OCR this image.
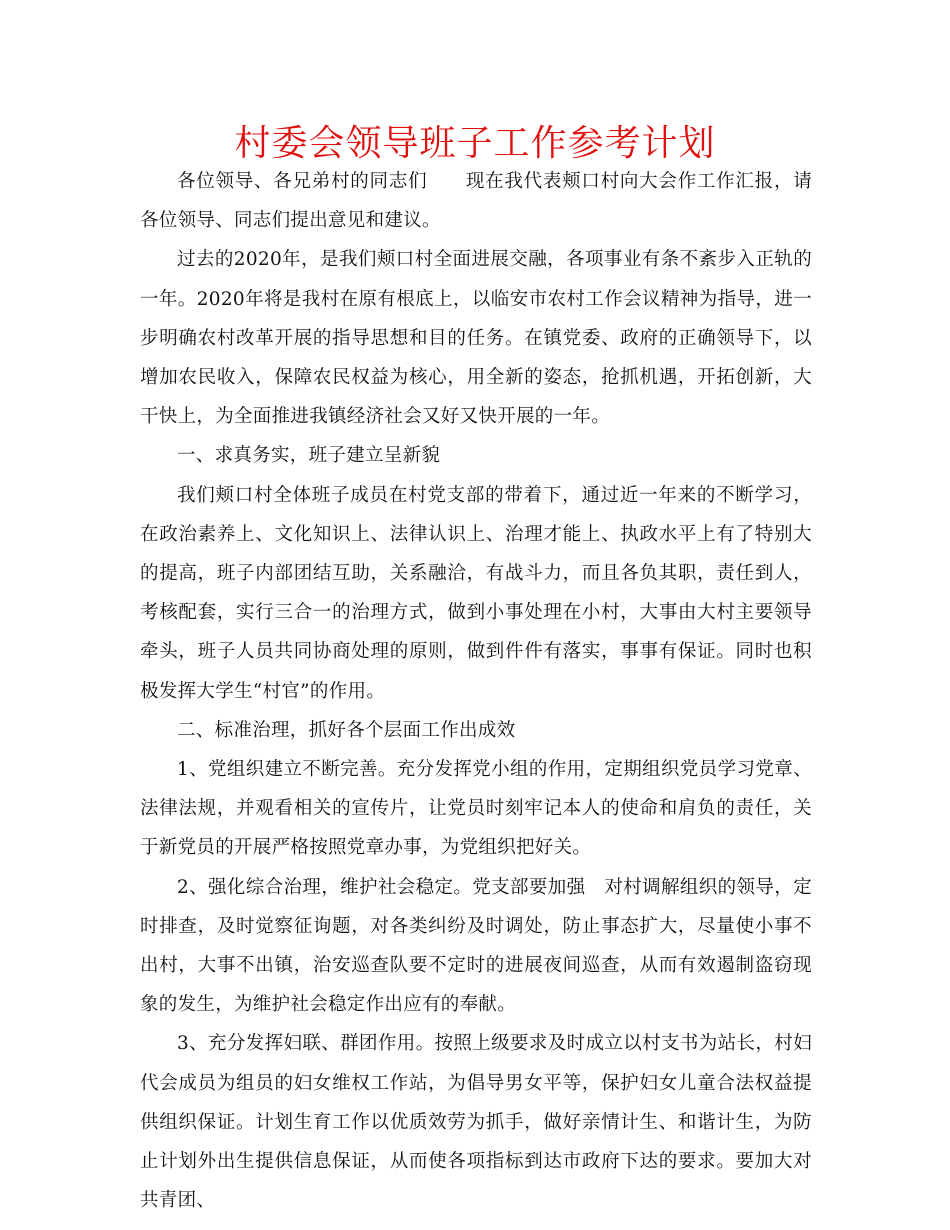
村委会领导班子工作参考计划

各位领导、各兄弟村的同志们　　现在我代表颊口村向大会作工作汇报，请各位领导、同志们提出意见和建议。

过去的2020年，是我们颊口村全面进展交融，各项事业有条不紊步入正轨的一年。2020年将是我村在原有根底上，以临安市农村工作会议精神为指导，进一步明确农村改革开展的指导思想和目的任务。在镇党委、政府的正确领导下，以增加农民收入，保障农民权益为核心，用全新的姿态，抢抓机遇，开拓创新，大干快上，为全面推进我镇经济社会又好又快开展的一年。

一、求真务实，班子建立呈新貌

我们颊口村全体班子成员在村党支部的带着下，通过近一年来的不断学习，在政治素养上、文化知识上、法律认识上、治理才能上、执政水平上有了特别大的提高，班子内部团结互助，关系融洽，有战斗力，而且各负其职，责任到人，考核配套，实行三合一的治理方式，做到小事处理在小村，大事由大村主要领导牵头，班子人员共同协商处理的原则，做到件件有落实，事事有保证。同时也积极发挥大学生“村官”的作用。

二、标准治理，抓好各个层面工作出成效

1、党组织建立不断完善。充分发挥党小组的作用，定期组织党员学习党章、法律法规，并观看相关的宣传片，让党员时刻牢记本人的使命和肩负的责任，关于新党员的开展严格按照党章办事，为党组织把好关。

2、强化综合治理，维护社会稳定。党支部要加强　对村调解组织的领导，定时排查，及时觉察征询题，对各类纠纷及时调处，防止事态扩大，尽量使小事不出村，大事不出镇，治安巡查队要不定时的进展夜间巡查，从而有效遏制盗窃现象的发生，为维护社会稳定作出应有的奉献。

3、充分发挥妇联、群团作用。按照上级要求及时成立以村支书为站长，村妇代会成员为组员的妇女维权工作站，为倡导男女平等，保护妇女儿童合法权益提供组织保证。计划生育工作以优质效劳为抓手，做好亲情计生、和谐计生，为防止计划外出生提供信息保证，从而使各项指标到达市政府下达的要求。要加大对共青团、
